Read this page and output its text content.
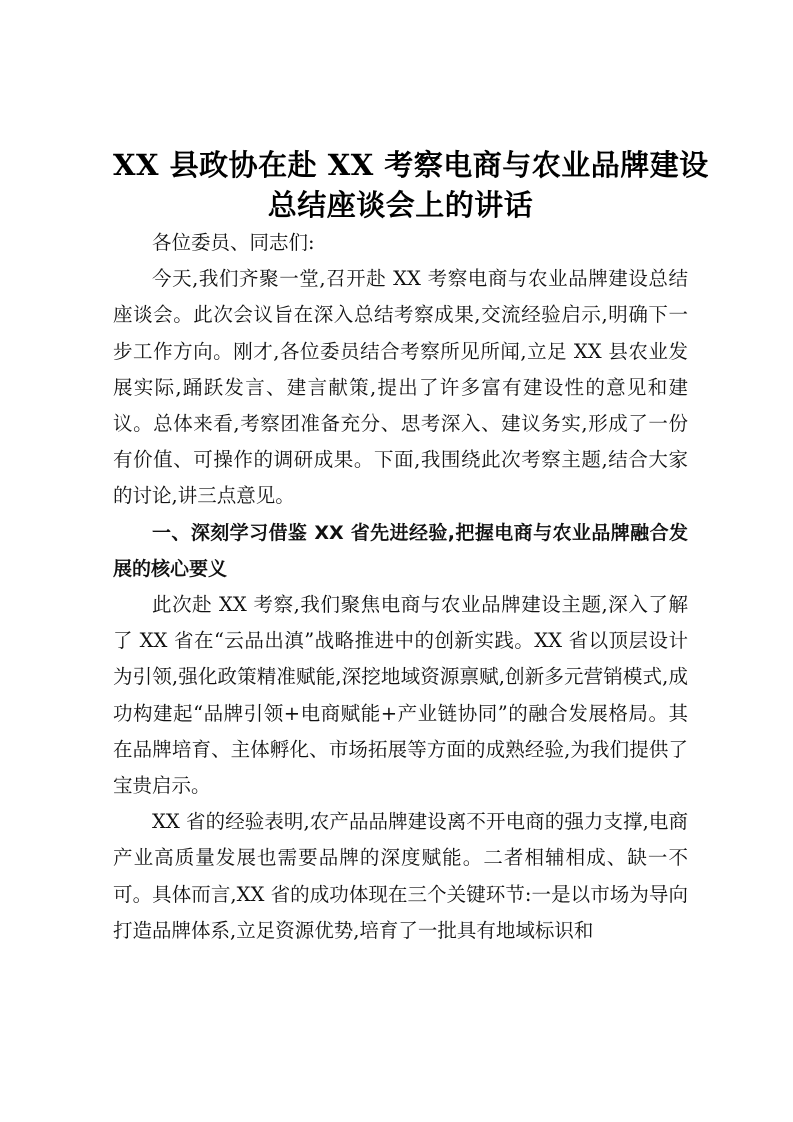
XX 县政协在赴 XX 考察电商与农业品牌建设
总结座谈会上的讲话

各位委员、同志们:

今天,我们齐聚一堂,召开赴 XX 考察电商与农业品牌建设总结座谈会。此次会议旨在深入总结考察成果,交流经验启示,明确下一步工作方向。刚才,各位委员结合考察所见所闻,立足 XX 县农业发展实际,踊跃发言、建言献策,提出了许多富有建设性的意见和建议。总体来看,考察团准备充分、思考深入、建议务实,形成了一份有价值、可操作的调研成果。下面,我围绕此次考察主题,结合大家的讨论,讲三点意见。

一、深刻学习借鉴 XX 省先进经验,把握电商与农业品牌融合发展的核心要义

此次赴 XX 考察,我们聚焦电商与农业品牌建设主题,深入了解了 XX 省在“云品出滇”战略推进中的创新实践。XX 省以顶层设计为引领,强化政策精准赋能,深挖地域资源禀赋,创新多元营销模式,成功构建起“品牌引领+电商赋能+产业链协同”的融合发展格局。其在品牌培育、主体孵化、市场拓展等方面的成熟经验,为我们提供了宝贵启示。

XX 省的经验表明,农产品品牌建设离不开电商的强力支撑,电商产业高质量发展也需要品牌的深度赋能。二者相辅相成、缺一不可。具体而言,XX 省的成功体现在三个关键环节:一是以市场为导向打造品牌体系,立足资源优势,培育了一批具有地域标识和
